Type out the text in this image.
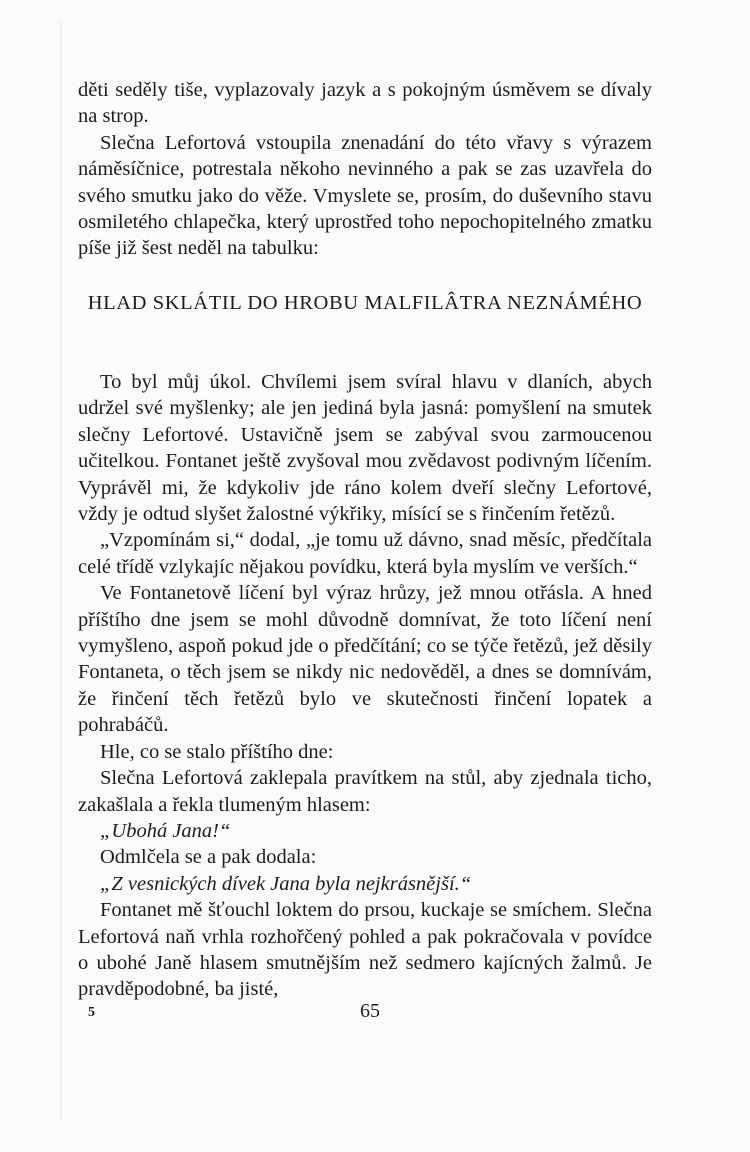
děti seděly tiše, vyplazovaly jazyk a s pokojným úsměvem se dívaly na strop.

Slečna Lefortová vstoupila znenadání do této vřavy s výrazem náměsíčnice, potrestala někoho nevinného a pak se zas uzavřela do svého smutku jako do věže. Vmyslete se, prosím, do duševního stavu osmiletého chlapečka, který uprostřed toho nepochopitelného zmatku píše již šest neděl na tabulku:

HLAD SKLÁTIL DO HROBU MALFILÂTRA NEZNÁMÉHO

To byl můj úkol. Chvílemi jsem svíral hlavu v dlaních, abych udržel své myšlenky; ale jen jediná byla jasná: pomyšlení na smutek slečny Lefortové. Ustavičně jsem se zabýval svou zarmoucenou učitelkou. Fontanet ještě zvyšoval mou zvědavost podivným líčením. Vyprávěl mi, že kdykoliv jde ráno kolem dveří slečny Lefortové, vždy je odtud slyšet žalostné výkřiky, mísící se s řinčením řetězů.

„Vzpomínám si,“ dodal, „je tomu už dávno, snad měsíc, předčítala celé třídě vzlykajíc nějakou povídku, která byla myslím ve verších.“

Ve Fontanetově líčení byl výraz hrůzy, jež mnou otřásla. A hned příštího dne jsem se mohl důvodně domnívat, že toto líčení není vymyšleno, aspoň pokud jde o předčítání; co se týče řetězů, jež děsily Fontaneta, o těch jsem se nikdy nic nedověděl, a dnes se domnívám, že řinčení těch řetězů bylo ve skutečnosti řinčení lopatek a pohrabáčů.

Hle, co se stalo příštího dne:

Slečna Lefortová zaklepala pravítkem na stůl, aby zjednala ticho, zakašlala a řekla tlumeným hlasem:

„Ubohá Jana!“

Odmlčela se a pak dodala:

„Z vesnických dívek Jana byla nejkrásnější.“

Fontanet mě šťouchl loktem do prsou, kuckaje se smíchem. Slečna Lefortová naň vrhla rozhořčený pohled a pak pokračovala v povídce o ubohé Janě hlasem smutnějším než sedmero kajícných žalmů. Je pravděpodobné, ba jisté,

5	65
